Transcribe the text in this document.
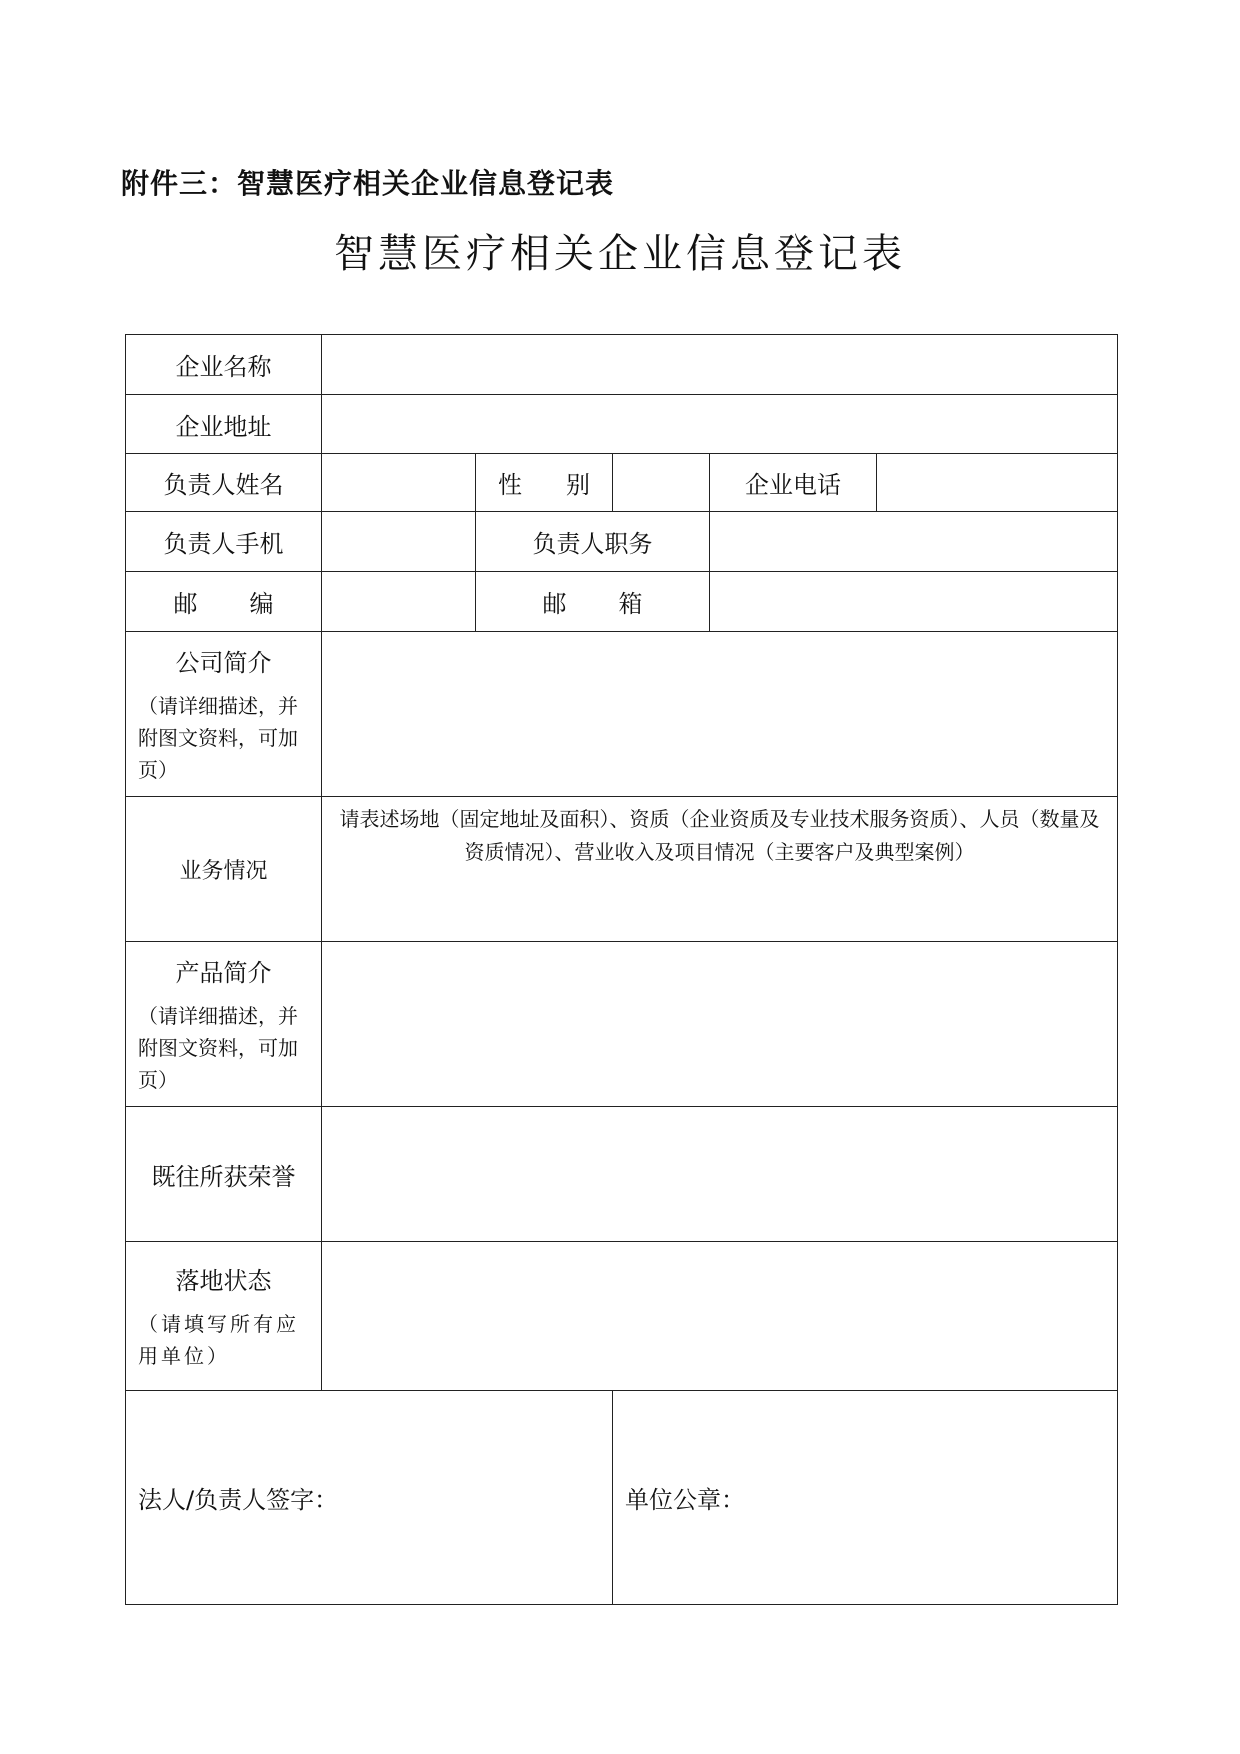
附件三：智慧医疗相关企业信息登记表
智慧医疗相关企业信息登记表
企业名称					
企业地址					
负责人姓名		性 别		企业电话	
负责人手机		负责人职务			
邮 编		邮 箱			

公司简介
（请详细描述，并附图文资料，可加页）					

业务情况	请表述场地（固定地址及面积）、资质（企业资质及专业技术服务资质）、人员（数量及资质情况）、营业收入及项目情况（主要客户及典型案例）				

产品简介
（请详细描述，并附图文资料，可加页）					

既往所获荣誉					

落地状态
（请填写所有应用单位）					

法人/负责人签字：			单位公章：		
